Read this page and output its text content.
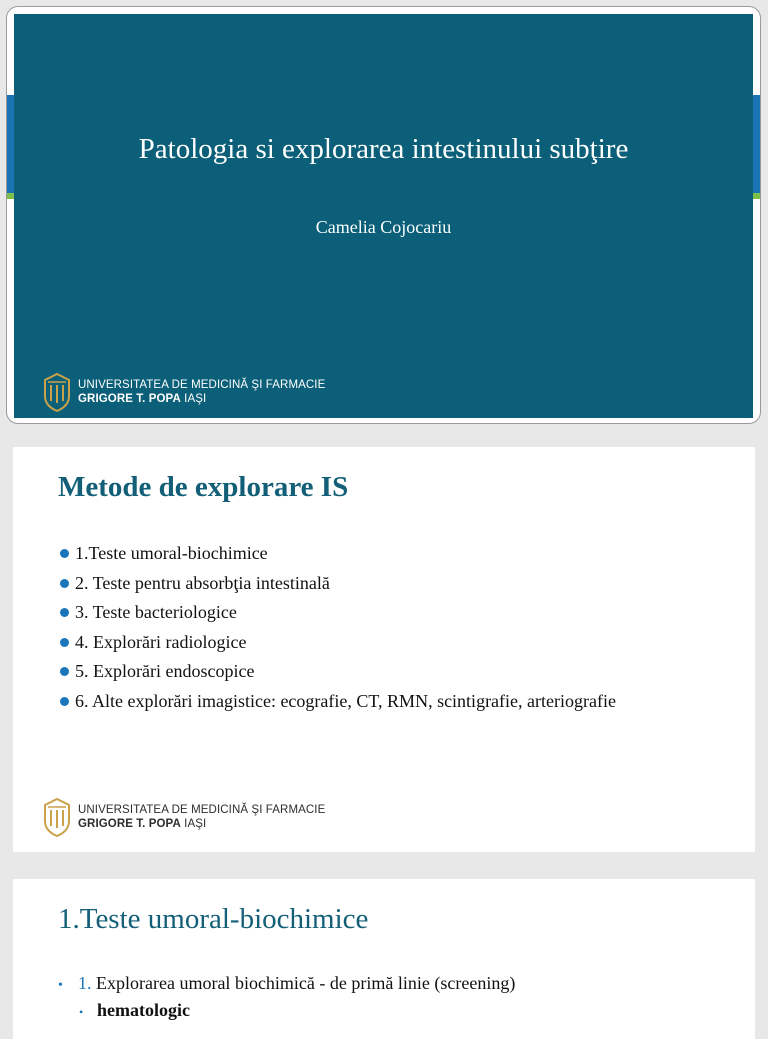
Patologia si explorarea intestinului subţire
Camelia Cojocariu
UNIVERSITATEA DE MEDICINĂ ŞI FARMACIE
GRIGORE T. POPA IAŞI
Metode de explorare IS
1.Teste umoral-biochimice
2. Teste pentru absorbţia intestinală
3. Teste bacteriologice
4. Explorări radiologice
5. Explorări endoscopice
6. Alte explorări imagistice: ecografie, CT, RMN, scintigrafie, arteriografie
UNIVERSITATEA DE MEDICINĂ ŞI FARMACIE
GRIGORE T. POPA IAŞI
1.Teste umoral-biochimice
• 1. Explorarea umoral biochimică - de primă linie (screening)
• hematologic
